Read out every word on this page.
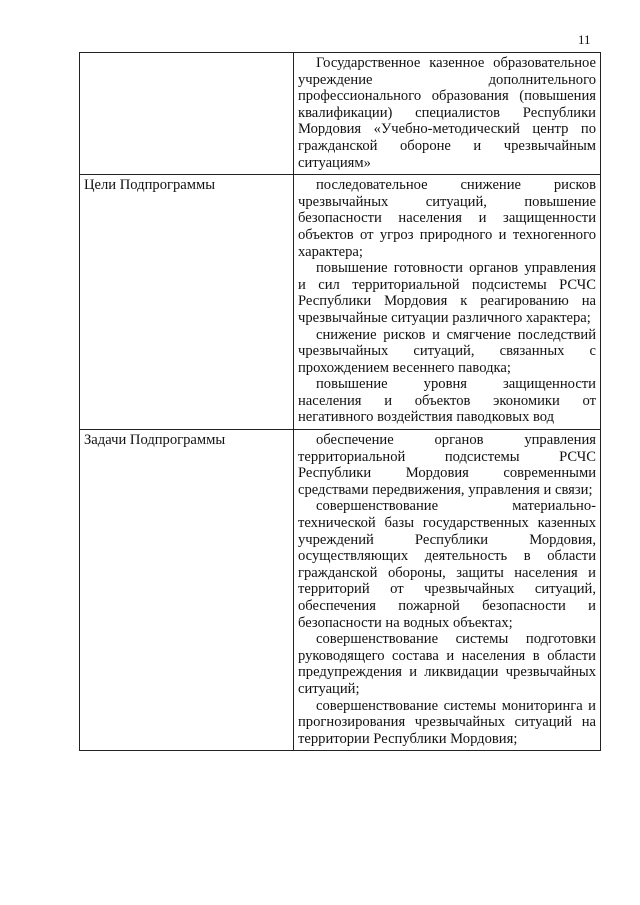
11

	Государственное казенное образовательное учреждение дополнительного профессионального образования (повышения квалификации) специалистов Республики Мордовия «Учебно-методический центр по гражданской обороне и чрезвычайным ситуациям»

Цели Подпрограммы	последовательное снижение рисков чрезвычайных ситуаций, повышение безопасности населения и защищенности объектов от угроз природного и техногенного характера;

повышение готовности органов управления и сил территориальной подсистемы РСЧС Республики Мордовия к реагированию на чрезвычайные ситуации различного характера;

снижение рисков и смягчение последствий чрезвычайных ситуаций, связанных с прохождением весеннего паводка;

повышение уровня защищенности населения и объектов экономики от негативного воздействия паводковых вод

Задачи Подпрограммы	обеспечение органов управления территориальной подсистемы РСЧС Республики Мордовия современными средствами передвижения, управления и связи;

совершенствование материально-технической базы государственных казенных учреждений Республики Мордовия, осуществляющих деятельность в области гражданской обороны, защиты населения и территорий от чрезвычайных ситуаций, обеспечения пожарной безопасности и безопасности на водных объектах;

совершенствование системы подготовки руководящего состава и населения в области предупреждения и ликвидации чрезвычайных ситуаций;

совершенствование системы мониторинга и прогнозирования чрезвычайных ситуаций на территории Республики Мордовия;
